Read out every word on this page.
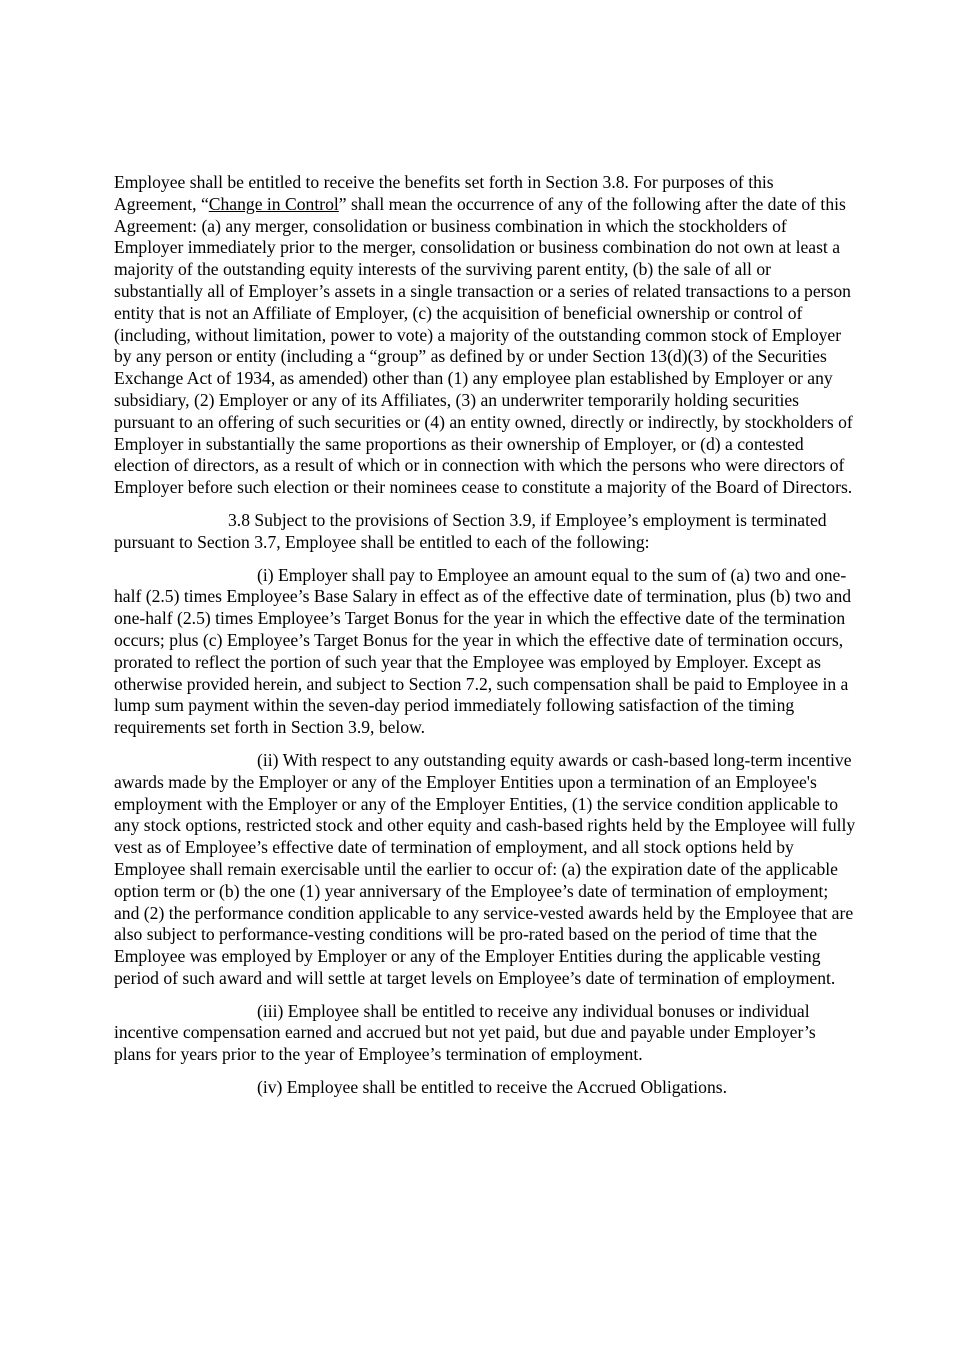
Employee shall be entitled to receive the benefits set forth in Section 3.8. For purposes of this Agreement, “Change in Control” shall mean the occurrence of any of the following after the date of this Agreement: (a) any merger, consolidation or business combination in which the stockholders of Employer immediately prior to the merger, consolidation or business combination do not own at least a majority of the outstanding equity interests of the surviving parent entity, (b) the sale of all or substantially all of Employer’s assets in a single transaction or a series of related transactions to a person entity that is not an Affiliate of Employer, (c) the acquisition of beneficial ownership or control of (including, without limitation, power to vote) a majority of the outstanding common stock of Employer by any person or entity (including a “group” as defined by or under Section 13(d)(3) of the Securities Exchange Act of 1934, as amended) other than (1) any employee plan established by Employer or any subsidiary, (2) Employer or any of its Affiliates, (3) an underwriter temporarily holding securities pursuant to an offering of such securities or (4) an entity owned, directly or indirectly, by stockholders of Employer in substantially the same proportions as their ownership of Employer, or (d) a contested election of directors, as a result of which or in connection with which the persons who were directors of Employer before such election or their nominees cease to constitute a majority of the Board of Directors.

3.8 Subject to the provisions of Section 3.9, if Employee’s employment is terminated pursuant to Section 3.7, Employee shall be entitled to each of the following:

(i) Employer shall pay to Employee an amount equal to the sum of (a) two and one-half (2.5) times Employee’s Base Salary in effect as of the effective date of termination, plus (b) two and one-half (2.5) times Employee’s Target Bonus for the year in which the effective date of the termination occurs; plus (c) Employee’s Target Bonus for the year in which the effective date of termination occurs, prorated to reflect the portion of such year that the Employee was employed by Employer. Except as otherwise provided herein, and subject to Section 7.2, such compensation shall be paid to Employee in a lump sum payment within the seven-day period immediately following satisfaction of the timing requirements set forth in Section 3.9, below.

(ii) With respect to any outstanding equity awards or cash-based long-term incentive awards made by the Employer or any of the Employer Entities upon a termination of an Employee's employment with the Employer or any of the Employer Entities, (1) the service condition applicable to any stock options, restricted stock and other equity and cash-based rights held by the Employee will fully vest as of Employee’s effective date of termination of employment, and all stock options held by Employee shall remain exercisable until the earlier to occur of: (a) the expiration date of the applicable option term or (b) the one (1) year anniversary of the Employee’s date of termination of employment; and (2) the performance condition applicable to any service-vested awards held by the Employee that are also subject to performance-vesting conditions will be pro-rated based on the period of time that the Employee was employed by Employer or any of the Employer Entities during the applicable vesting period of such award and will settle at target levels on Employee’s date of termination of employment.

(iii) Employee shall be entitled to receive any individual bonuses or individual incentive compensation earned and accrued but not yet paid, but due and payable under Employer’s plans for years prior to the year of Employee’s termination of employment.

(iv) Employee shall be entitled to receive the Accrued Obligations.
